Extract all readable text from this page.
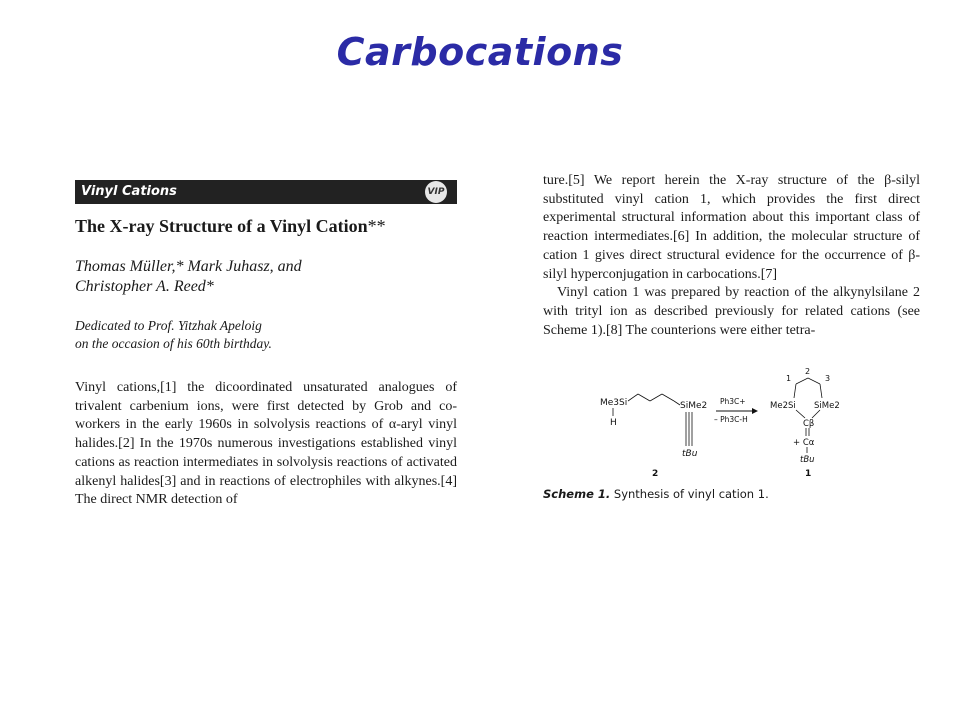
Carbocations
Vinyl Cations	VIP
The X-ray Structure of a Vinyl Cation**
Thomas Müller,* Mark Juhasz, and
Christopher A. Reed*
Dedicated to Prof. Yitzhak Apeloig
on the occasion of his 60th birthday.

Vinyl cations,[1] the dicoordinated unsaturated analogues of trivalent carbenium ions, were first detected by Grob and co-workers in the early 1960s in solvolysis reactions of α-aryl vinyl halides.[2] In the 1970s numerous investigations established vinyl cations as reaction intermediates in solvolysis reactions of activated alkenyl halides[3] and in reactions of electrophiles with alkynes.[4] The direct NMR detection of

ture.[5] We report herein the X-ray structure of the β-silyl substituted vinyl cation 1, which provides the first direct experimental structural information about this important class of reaction intermediates.[6] In addition, the molecular structure of cation 1 gives direct structural evidence for the occurrence of β-silyl hyperconjugation in carbocations.[7]

Vinyl cation 1 was prepared by reaction of the alkynylsilane 2 with trityl ion as described previously for related cations (see Scheme 1).[8] The counterions were either tetra-

Me3Si
H
SiMe2
tBu
Ph3C+
– Ph3C-H
1
2
3
Me2Si SiMe2
Cβ
+ Cα
tBu
2	1
Scheme 1. Synthesis of vinyl cation 1.
